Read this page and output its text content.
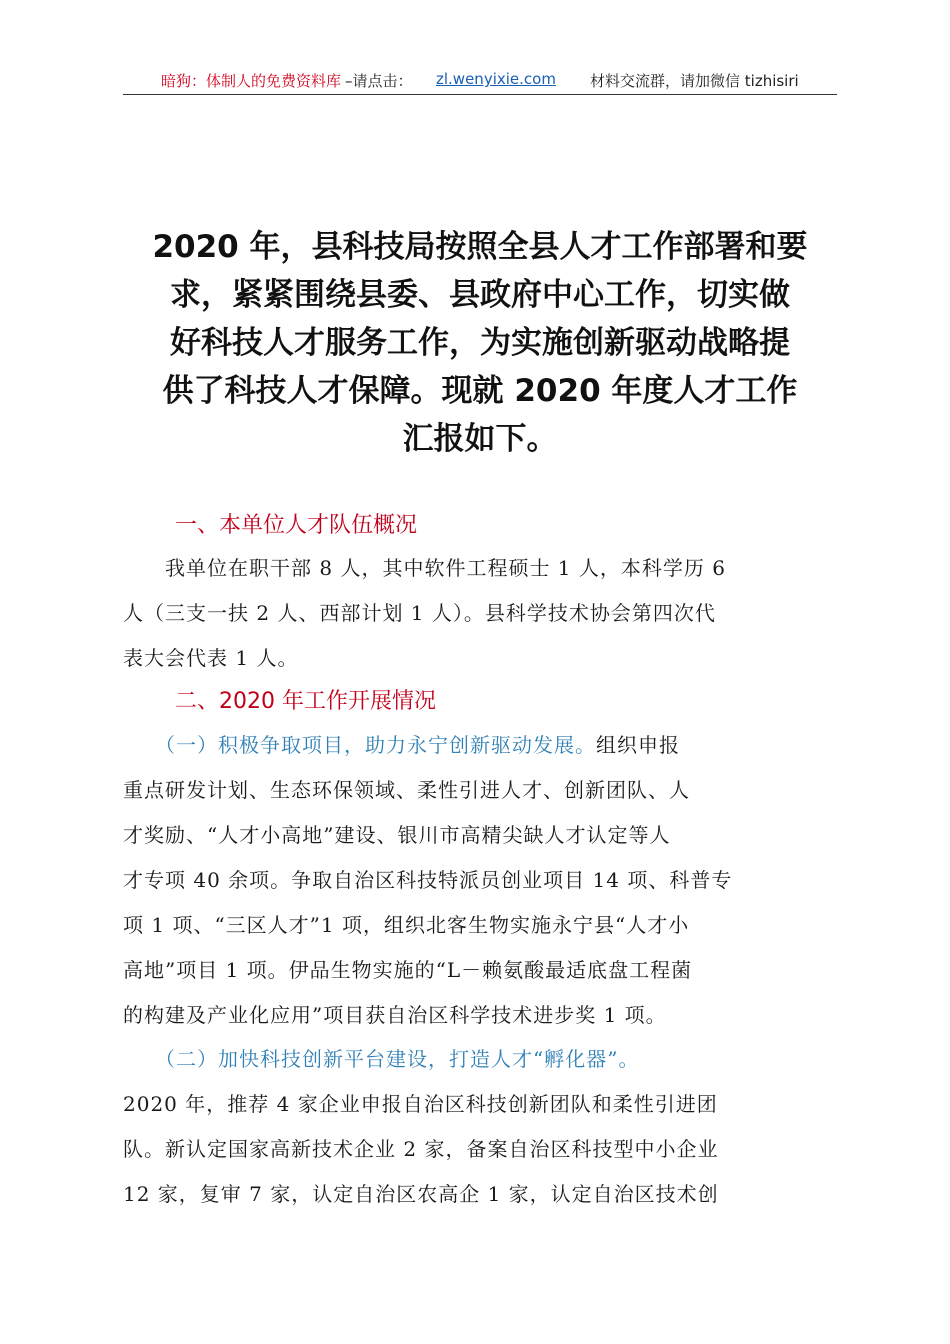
暗狗：体制人的免费资料库 –请点击： zl.wenyixie.com 材料交流群，请加微信 tizhisiri
2020 年，县科技局按照全县人才工作部署和要
求，紧紧围绕县委、县政府中心工作，切实做
好科技人才服务工作，为实施创新驱动战略提
供了科技人才保障。现就 2020 年度人才工作
汇报如下。
一、本单位人才队伍概况
　　我单位在职干部 8 人，其中软件工程硕士 1 人，本科学历 6
人（三支一扶 2 人、西部计划 1 人）。县科学技术协会第四次代
表大会代表 1 人。
二、2020 年工作开展情况
　　（一）积极争取项目，助力永宁创新驱动发展。组织申报
重点研发计划、生态环保领域、柔性引进人才、创新团队、人
才奖励、“人才小高地”建设、银川市高精尖缺人才认定等人
才专项 40 余项。争取自治区科技特派员创业项目 14 项、科普专
项 1 项、“三区人才”1 项，组织北客生物实施永宁县“人才小
高地”项目 1 项。伊品生物实施的“L－赖氨酸最适底盘工程菌
的构建及产业化应用”项目获自治区科学技术进步奖 1 项。
　　（二）加快科技创新平台建设，打造人才“孵化器”。
2020 年，推荐 4 家企业申报自治区科技创新团队和柔性引进团
队。新认定国家高新技术企业 2 家，备案自治区科技型中小企业
12 家，复审 7 家，认定自治区农高企 1 家，认定自治区技术创
